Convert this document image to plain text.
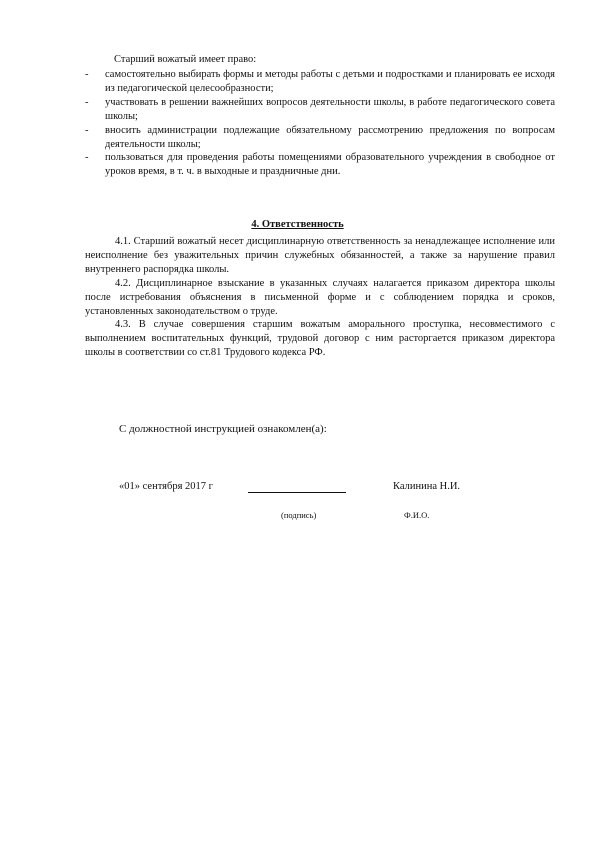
Старший вожатый имеет право:
- самостоятельно выбирать формы и методы работы с детьми и подростками и планировать ее исходя из педагогической целесообразности;
- участвовать в решении важнейших вопросов деятельности школы, в работе педагогического совета школы;
- вносить администрации подлежащие обязательному рассмотрению предложения по вопросам деятельности школы;
- пользоваться для проведения работы помещениями образовательного учреждения в свободное от уроков время, в т. ч. в выходные и праздничные дни.
4. Ответственность

4.1. Старший вожатый несет дисциплинарную ответственность за ненадлежащее исполнение или неисполнение без уважительных причин служебных обязанностей, а также за нарушение правил внутреннего распорядка школы.

4.2. Дисциплинарное взыскание в указанных случаях налагается приказом директора школы после истребования объяснения в письменной форме и с соблюдением порядка и сроков, установленных законодательством о труде.

4.3. В случае совершения старшим вожатым аморального проступка, несовместимого с выполнением воспитательных функций, трудовой договор с ним расторгается приказом директора школы в соответствии со ст.81 Трудового кодекса РФ.

С должностной инструкцией ознакомлен(а):
«01» сентября 2017 г	Калинина Н.И.
(подпись)	Ф.И.О.
